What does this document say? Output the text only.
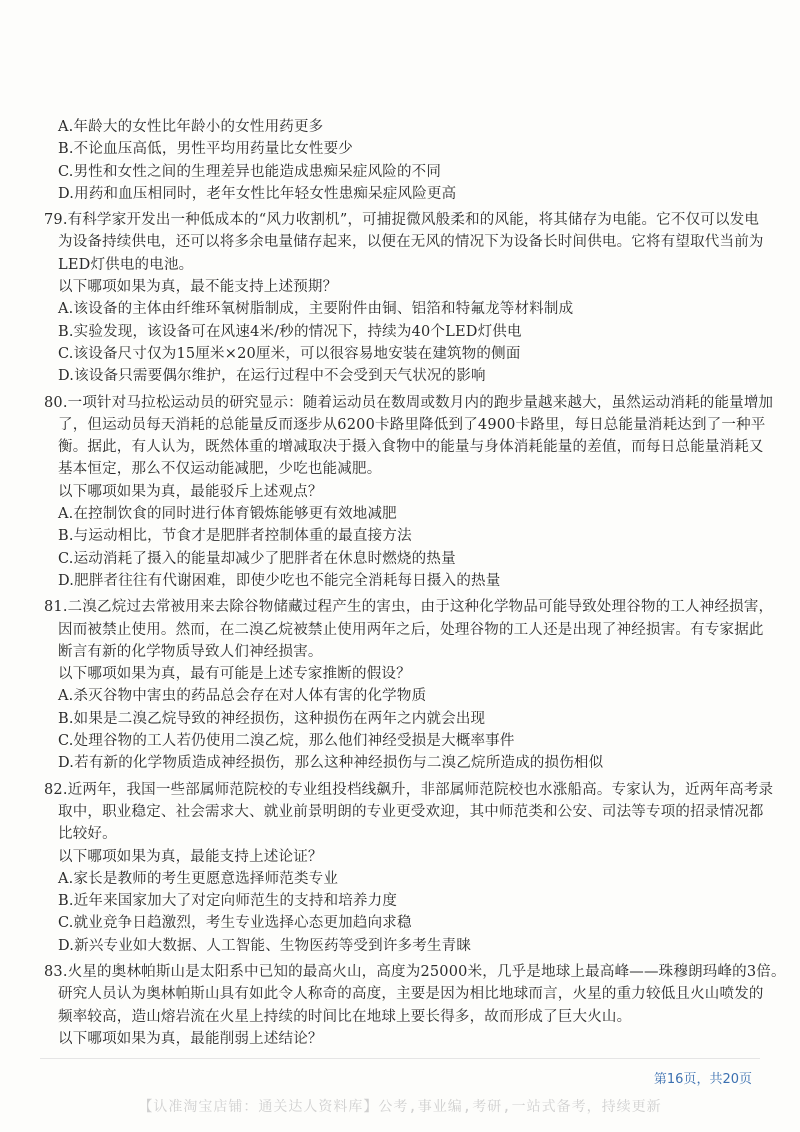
A.年龄大的女性比年龄小的女性用药更多
B.不论血压高低，男性平均用药量比女性要少
C.男性和女性之间的生理差异也能造成患痴呆症风险的不同
D.用药和血压相同时，老年女性比年轻女性患痴呆症风险更高
79.有科学家开发出一种低成本的“风力收割机”，可捕捉微风般柔和的风能，将其储存为电能。它不仅可以发电
为设备持续供电，还可以将多余电量储存起来，以便在无风的情况下为设备长时间供电。它将有望取代当前为
LED灯供电的电池。
以下哪项如果为真，最不能支持上述预期？
A.该设备的主体由纤维环氧树脂制成，主要附件由铜、铝箔和特氟龙等材料制成
B.实验发现，该设备可在风速4米/秒的情况下，持续为40个LED灯供电
C.该设备尺寸仅为15厘米×20厘米，可以很容易地安装在建筑物的侧面
D.该设备只需要偶尔维护，在运行过程中不会受到天气状况的影响
80.一项针对马拉松运动员的研究显示：随着运动员在数周或数月内的跑步量越来越大，虽然运动消耗的能量增加
了，但运动员每天消耗的总能量反而逐步从6200卡路里降低到了4900卡路里，每日总能量消耗达到了一种平
衡。据此，有人认为，既然体重的增减取决于摄入食物中的能量与身体消耗能量的差值，而每日总能量消耗又
基本恒定，那么不仅运动能减肥，少吃也能减肥。
以下哪项如果为真，最能驳斥上述观点？
A.在控制饮食的同时进行体育锻炼能够更有效地减肥
B.与运动相比，节食才是肥胖者控制体重的最直接方法
C.运动消耗了摄入的能量却减少了肥胖者在休息时燃烧的热量
D.肥胖者往往有代谢困难，即使少吃也不能完全消耗每日摄入的热量
81.二溴乙烷过去常被用来去除谷物储藏过程产生的害虫，由于这种化学物品可能导致处理谷物的工人神经损害，
因而被禁止使用。然而，在二溴乙烷被禁止使用两年之后，处理谷物的工人还是出现了神经损害。有专家据此
断言有新的化学物质导致人们神经损害。
以下哪项如果为真，最有可能是上述专家推断的假设？
A.杀灭谷物中害虫的药品总会存在对人体有害的化学物质
B.如果是二溴乙烷导致的神经损伤，这种损伤在两年之内就会出现
C.处理谷物的工人若仍使用二溴乙烷，那么他们神经受损是大概率事件
D.若有新的化学物质造成神经损伤，那么这种神经损伤与二溴乙烷所造成的损伤相似
82.近两年，我国一些部属师范院校的专业组投档线飙升，非部属师范院校也水涨船高。专家认为，近两年高考录
取中，职业稳定、社会需求大、就业前景明朗的专业更受欢迎，其中师范类和公安、司法等专项的招录情况都
比较好。
以下哪项如果为真，最能支持上述论证？
A.家长是教师的考生更愿意选择师范类专业
B.近年来国家加大了对定向师范生的支持和培养力度
C.就业竞争日趋激烈，考生专业选择心态更加趋向求稳
D.新兴专业如大数据、人工智能、生物医药等受到许多考生青睐
83.火星的奥林帕斯山是太阳系中已知的最高火山，高度为25000米，几乎是地球上最高峰——珠穆朗玛峰的3倍。
研究人员认为奥林帕斯山具有如此令人称奇的高度，主要是因为相比地球而言，火星的重力较低且火山喷发的
频率较高，造山熔岩流在火星上持续的时间比在地球上要长得多，故而形成了巨大火山。
以下哪项如果为真，最能削弱上述结论？
第16页，共20页
【认准淘宝店铺：通关达人资料库】公考,事业编,考研,一站式备考，持续更新
